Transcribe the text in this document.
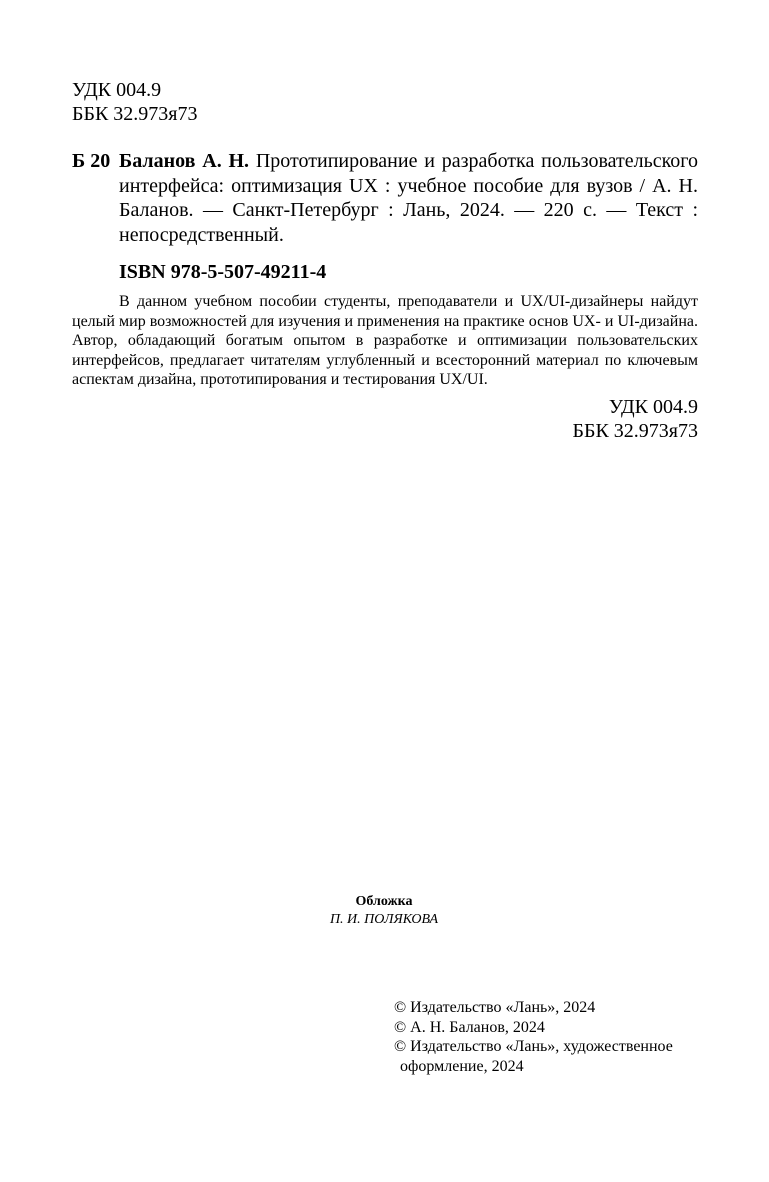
УДК 004.9
ББК 32.973я73
Б 20 Баланов А. Н. Прототипирование и разработка пользовательского интерфейса: оптимизация UX : учебное пособие для вузов / А. Н. Баланов. — Санкт-Петербург : Лань, 2024. — 220 с. — Текст : непосредственный.
ISBN 978-5-507-49211-4
В данном учебном пособии студенты, преподаватели и UX/UI-дизайнеры найдут целый мир возможностей для изучения и применения на практике основ UX- и UI-дизайна. Автор, обладающий богатым опытом в разработке и оптимизации пользовательских интерфейсов, предлагает читателям углубленный и всесторонний материал по ключевым аспектам дизайна, прототипирования и тестирования UX/UI.
УДК 004.9
ББК 32.973я73
Обложка
П. И. ПОЛЯКОВА
© Издательство «Лань», 2024
© А. Н. Баланов, 2024
© Издательство «Лань», художественное
оформление, 2024
